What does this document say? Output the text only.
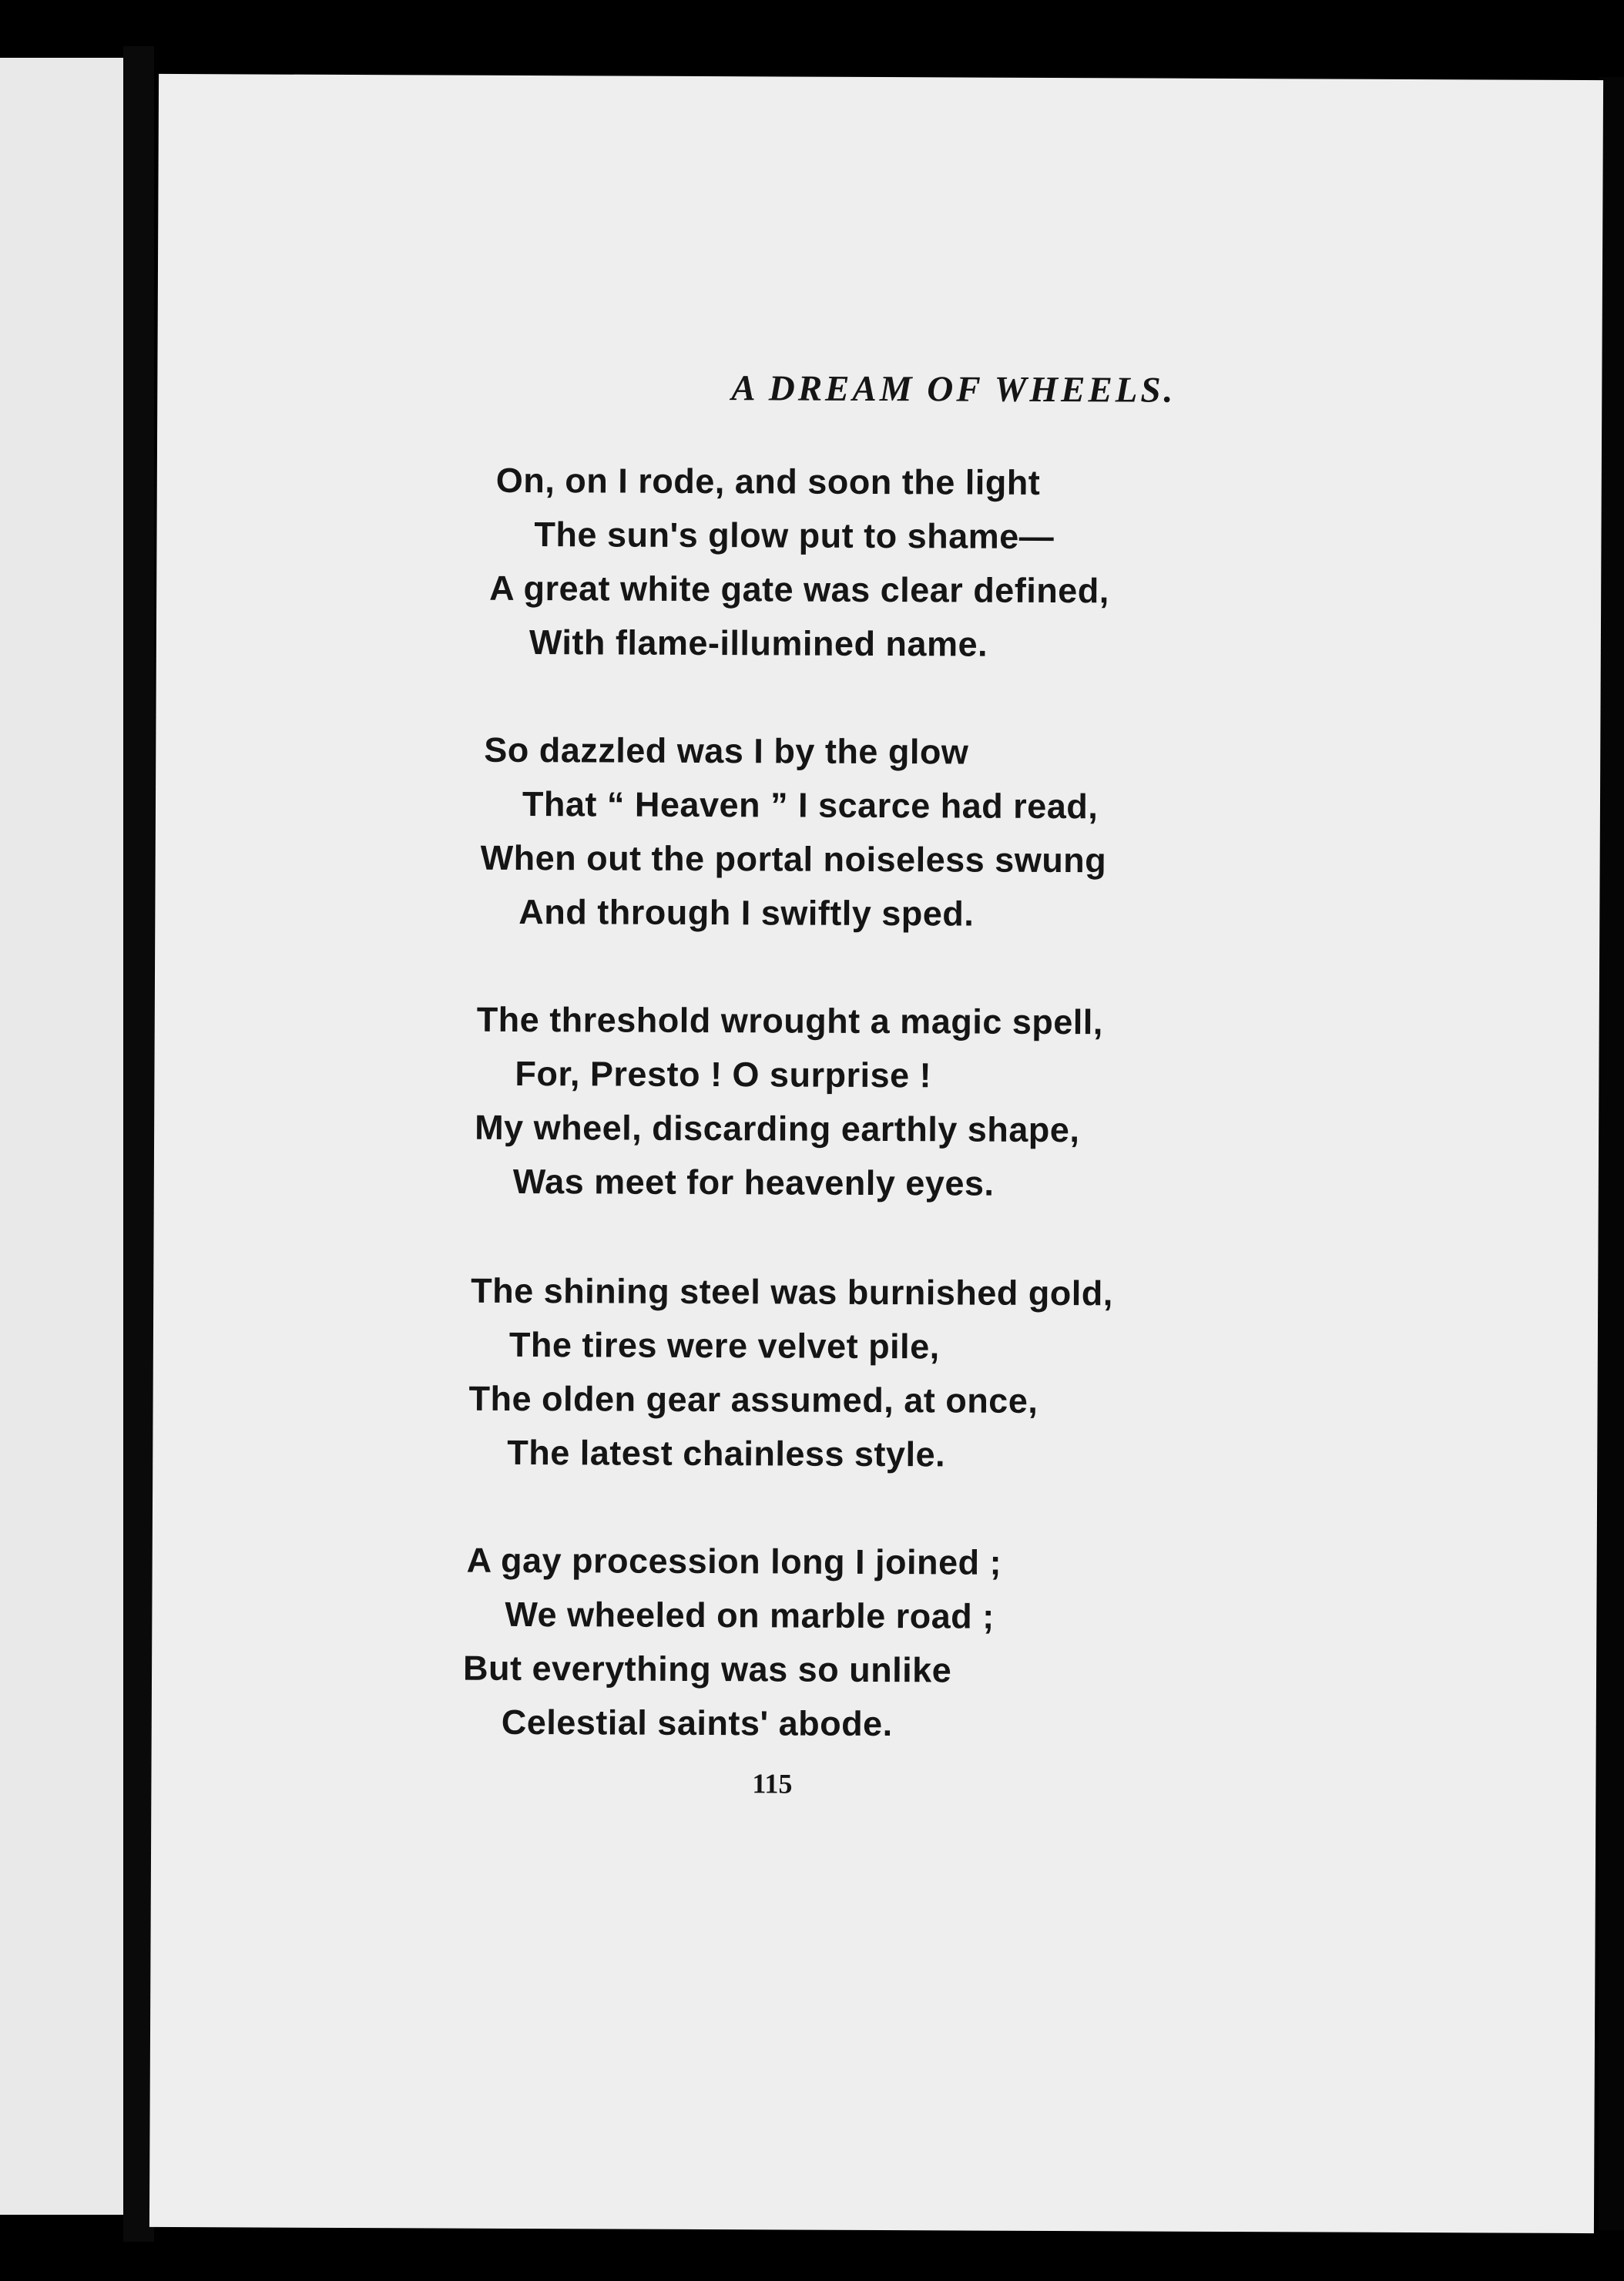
A DREAM OF WHEELS.
On, on I rode, and soon the light
The sun's glow put to shame—
A great white gate was clear defined,
With flame-illumined name.
So dazzled was I by the glow
That “ Heaven ” I scarce had read,
When out the portal noiseless swung
And through I swiftly sped.
The threshold wrought a magic spell,
For, Presto ! O surprise !
My wheel, discarding earthly shape,
Was meet for heavenly eyes.
The shining steel was burnished gold,
The tires were velvet pile,
The olden gear assumed, at once,
The latest chainless style.
A gay procession long I joined ;
We wheeled on marble road ;
But everything was so unlike
Celestial saints' abode.
115
